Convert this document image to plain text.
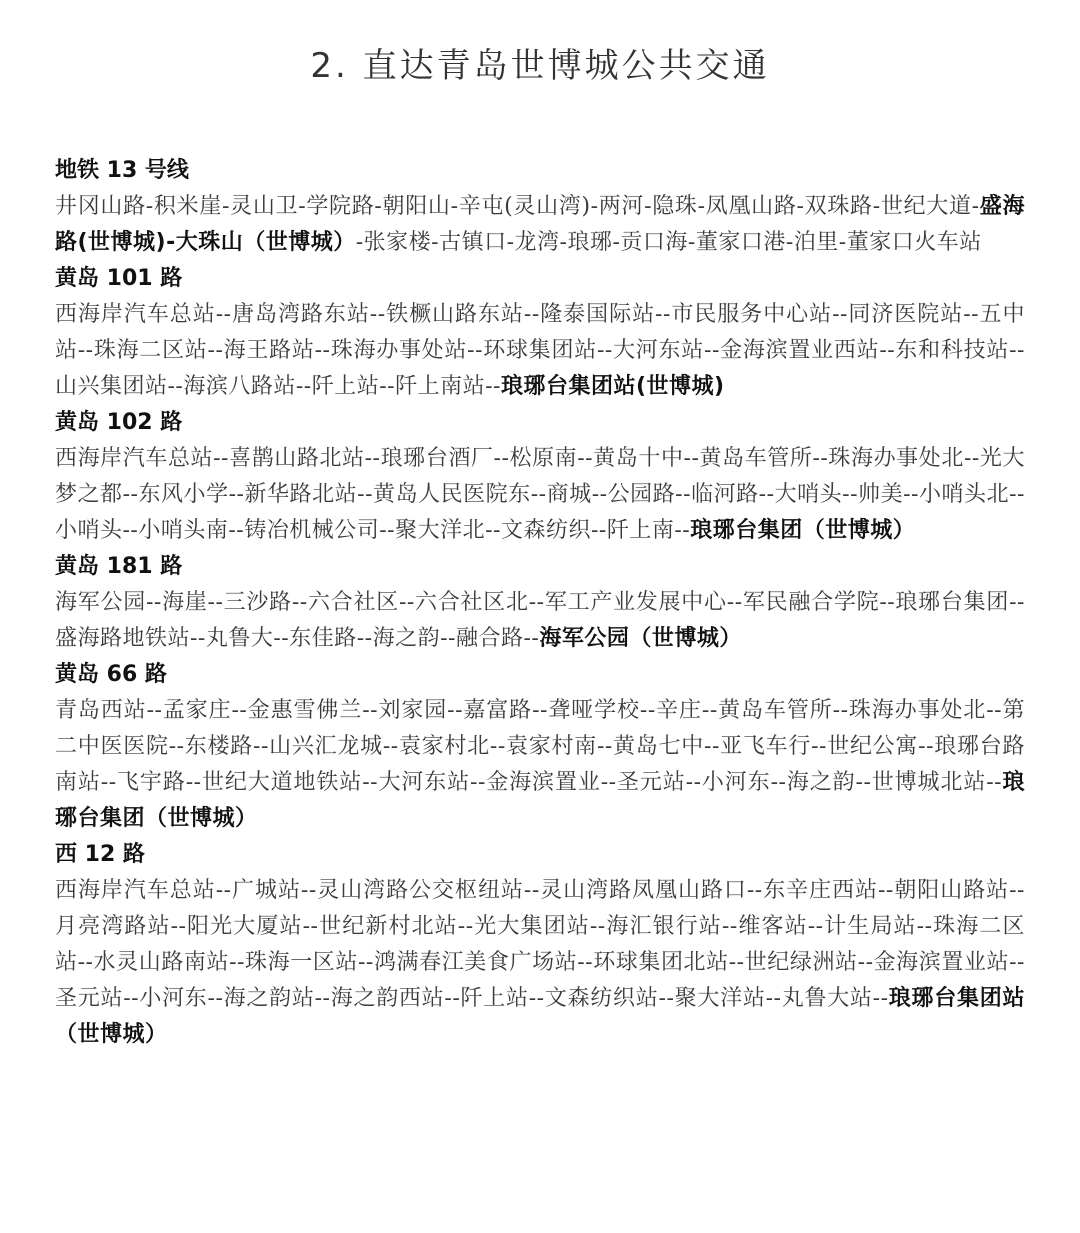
2. 直达青岛世博城公共交通

地铁 13 号线

井冈山路-积米崖-灵山卫-学院路-朝阳山-辛屯(灵山湾)-两河-隐珠-凤凰山路-双珠路-世纪大道-盛海路(世博城)-大珠山（世博城）-张家楼-古镇口-龙湾-琅琊-贡口海-董家口港-泊里-董家口火车站

黄岛 101 路

西海岸汽车总站--唐岛湾路东站--铁橛山路东站--隆泰国际站--市民服务中心站--同济医院站--五中站--珠海二区站--海王路站--珠海办事处站--环球集团站--大河东站--金海滨置业西站--东和科技站--山兴集团站--海滨八路站--阡上站--阡上南站--琅琊台集团站(世博城)

黄岛 102 路

西海岸汽车总站--喜鹊山路北站--琅琊台酒厂--松原南--黄岛十中--黄岛车管所--珠海办事处北--光大梦之都--东风小学--新华路北站--黄岛人民医院东--商城--公园路--临河路--大哨头--帅美--小哨头北--小哨头--小哨头南--铸冶机械公司--聚大洋北--文森纺织--阡上南--琅琊台集团（世博城）

黄岛 181 路

海军公园--海崖--三沙路--六合社区--六合社区北--军工产业发展中心--军民融合学院--琅琊台集团--盛海路地铁站--丸鲁大--东佳路--海之韵--融合路--海军公园（世博城）

黄岛 66 路

青岛西站--孟家庄--金惠雪佛兰--刘家园--嘉富路--聋哑学校--辛庄--黄岛车管所--珠海办事处北--第二中医医院--东楼路--山兴汇龙城--袁家村北--袁家村南--黄岛七中--亚飞车行--世纪公寓--琅琊台路南站--飞宇路--世纪大道地铁站--大河东站--金海滨置业--圣元站--小河东--海之韵--世博城北站--琅琊台集团（世博城）

西 12 路

西海岸汽车总站--广城站--灵山湾路公交枢纽站--灵山湾路凤凰山路口--东辛庄西站--朝阳山路站--月亮湾路站--阳光大厦站--世纪新村北站--光大集团站--海汇银行站--维客站--计生局站--珠海二区站--水灵山路南站--珠海一区站--鸿满春江美食广场站--环球集团北站--世纪绿洲站--金海滨置业站--圣元站--小河东--海之韵站--海之韵西站--阡上站--文森纺织站--聚大洋站--丸鲁大站--琅琊台集团站（世博城）
